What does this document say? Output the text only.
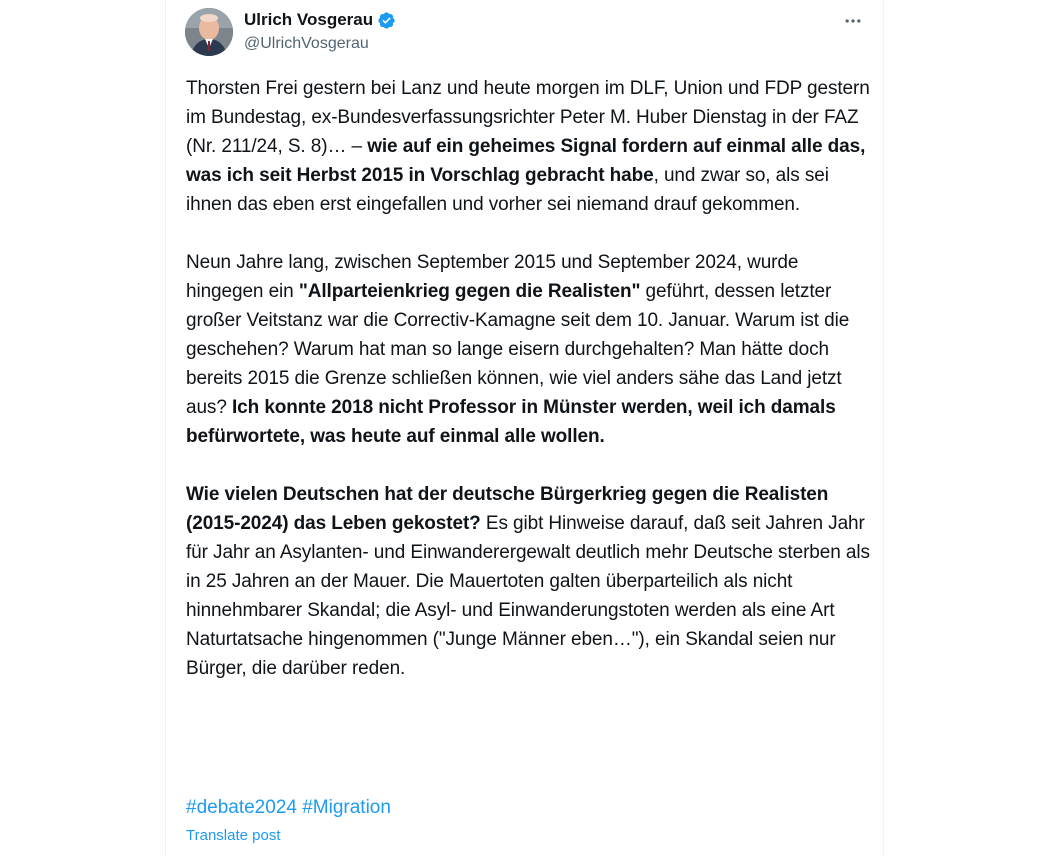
Ulrich Vosgerau
@UlrichVosgerau

Thorsten Frei gestern bei Lanz und heute morgen im DLF, Union und FDP gestern im Bundestag, ex-Bundesverfassungsrichter Peter M. Huber Dienstag in der FAZ (Nr. 211/24, S. 8)… – wie auf ein geheimes Signal fordern auf einmal alle das, was ich seit Herbst 2015 in Vorschlag gebracht habe, und zwar so, als sei ihnen das eben erst eingefallen und vorher sei niemand drauf gekommen.

Neun Jahre lang, zwischen September 2015 und September 2024, wurde hingegen ein "Allparteienkrieg gegen die Realisten" geführt, dessen letzter großer Veitstanz war die Correctiv-Kamagne seit dem 10. Januar. Warum ist die geschehen? Warum hat man so lange eisern durchgehalten? Man hätte doch bereits 2015 die Grenze schließen können, wie viel anders sähe das Land jetzt aus? Ich konnte 2018 nicht Professor in Münster werden, weil ich damals befürwortete, was heute auf einmal alle wollen.

Wie vielen Deutschen hat der deutsche Bürgerkrieg gegen die Realisten (2015-2024) das Leben gekostet? Es gibt Hinweise darauf, daß seit Jahren Jahr für Jahr an Asylanten- und Einwanderergewalt deutlich mehr Deutsche sterben als in 25 Jahren an der Mauer. Die Mauertoten galten überparteilich als nicht hinnehmbarer Skandal; die Asyl- und Einwanderungstoten werden als eine Art Naturtatsache hingenommen ("Junge Männer eben…"), ein Skandal seien nur Bürger, die darüber reden.

#debate2024 #Migration
Translate post
